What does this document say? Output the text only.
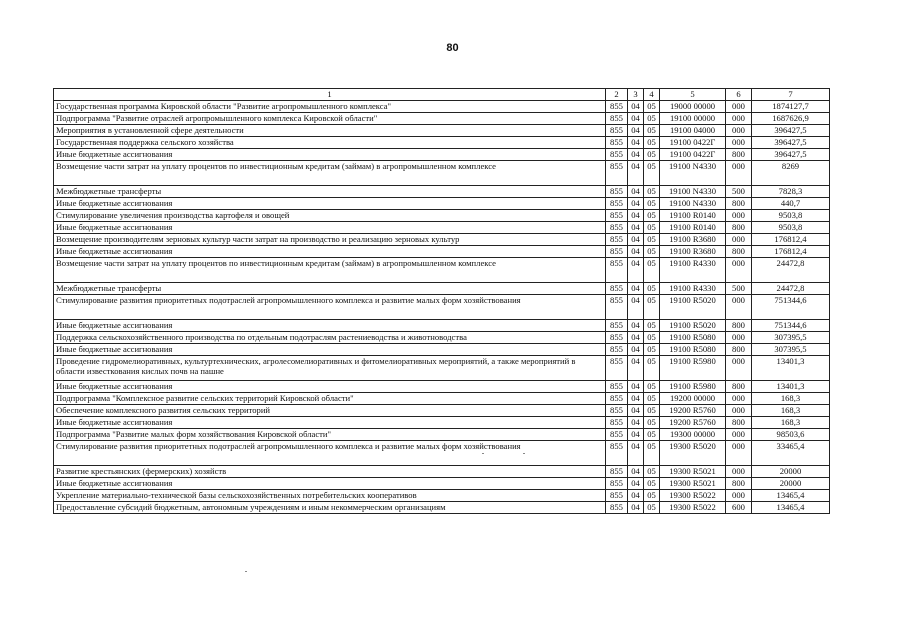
80
1	2	3	4	5	6	7
Государственная программа Кировской области "Развитие агропромышленного комплекса"	855	04	05	19000 00000	000	1874127,7
Подпрограмма "Развитие отраслей агропромышленного комплекса Кировской области"	855	04	05	19100 00000	000	1687626,9
Мероприятия в установленной сфере деятельности	855	04	05	19100 04000	000	396427,5
Государственная поддержка сельского хозяйства	855	04	05	19100 0422Г	000	396427,5
Иные бюджетные ассигнования	855	04	05	19100 0422Г	800	396427,5
Возмещение части затрат на уплату процентов по инвестиционным кредитам (займам) в агропромышленном комплексе	855	04	05	19100 N4330	000	8269
Межбюджетные трансферты	855	04	05	19100 N4330	500	7828,3
Иные бюджетные ассигнования	855	04	05	19100 N4330	800	440,7
Стимулирование увеличения производства картофеля и овощей	855	04	05	19100 R0140	000	9503,8
Иные бюджетные ассигнования	855	04	05	19100 R0140	800	9503,8
Возмещение производителям зерновых культур части затрат на производство и реализацию зерновых культур	855	04	05	19100 R3680	000	176812,4
Иные бюджетные ассигнования	855	04	05	19100 R3680	800	176812,4
Возмещение части затрат на уплату процентов по инвестиционным кредитам (займам) в агропромышленном комплексе	855	04	05	19100 R4330	000	24472,8
Межбюджетные трансферты	855	04	05	19100 R4330	500	24472,8
Стимулирование развития приоритетных подотраслей агропромышленного комплекса и развитие малых форм хозяйствования	855	04	05	19100 R5020	000	751344,6
Иные бюджетные ассигнования	855	04	05	19100 R5020	800	751344,6
Поддержка сельскохозяйственного производства по отдельным подотраслям растениеводства и животноводства	855	04	05	19100 R5080	000	307395,5
Иные бюджетные ассигнования	855	04	05	19100 R5080	800	307395,5
Проведение гидромелиоративных, культуртехнических, агролесомелиоративных и фитомелиоративных мероприятий, а также мероприятий в области известкования кислых почв на пашне	855	04	05	19100 R5980	000	13401,3
Иные бюджетные ассигнования	855	04	05	19100 R5980	800	13401,3
Подпрограмма "Комплексное развитие сельских территорий Кировской области"	855	04	05	19200 00000	000	168,3
Обеспечение комплексного развития сельских территорий	855	04	05	19200 R5760	000	168,3
Иные бюджетные ассигнования	855	04	05	19200 R5760	800	168,3
Подпрограмма "Развитие малых форм хозяйствования Кировской области"	855	04	05	19300 00000	000	98503,6
Стимулирование развития приоритетных подотраслей агропромышленного комплекса и развитие малых форм хозяйствования	855	04	05	19300 R5020	000	33465,4
Развитие крестьянских (фермерских) хозяйств	855	04	05	19300 R5021	000	20000
Иные бюджетные ассигнования	855	04	05	19300 R5021	800	20000
Укрепление материально-технической базы сельскохозяйственных потребительских кооперативов	855	04	05	19300 R5022	000	13465,4
Предоставление субсидий бюджетным, автономным учреждениям и иным некоммерческим организациям	855	04	05	19300 R5022	600	13465,4
